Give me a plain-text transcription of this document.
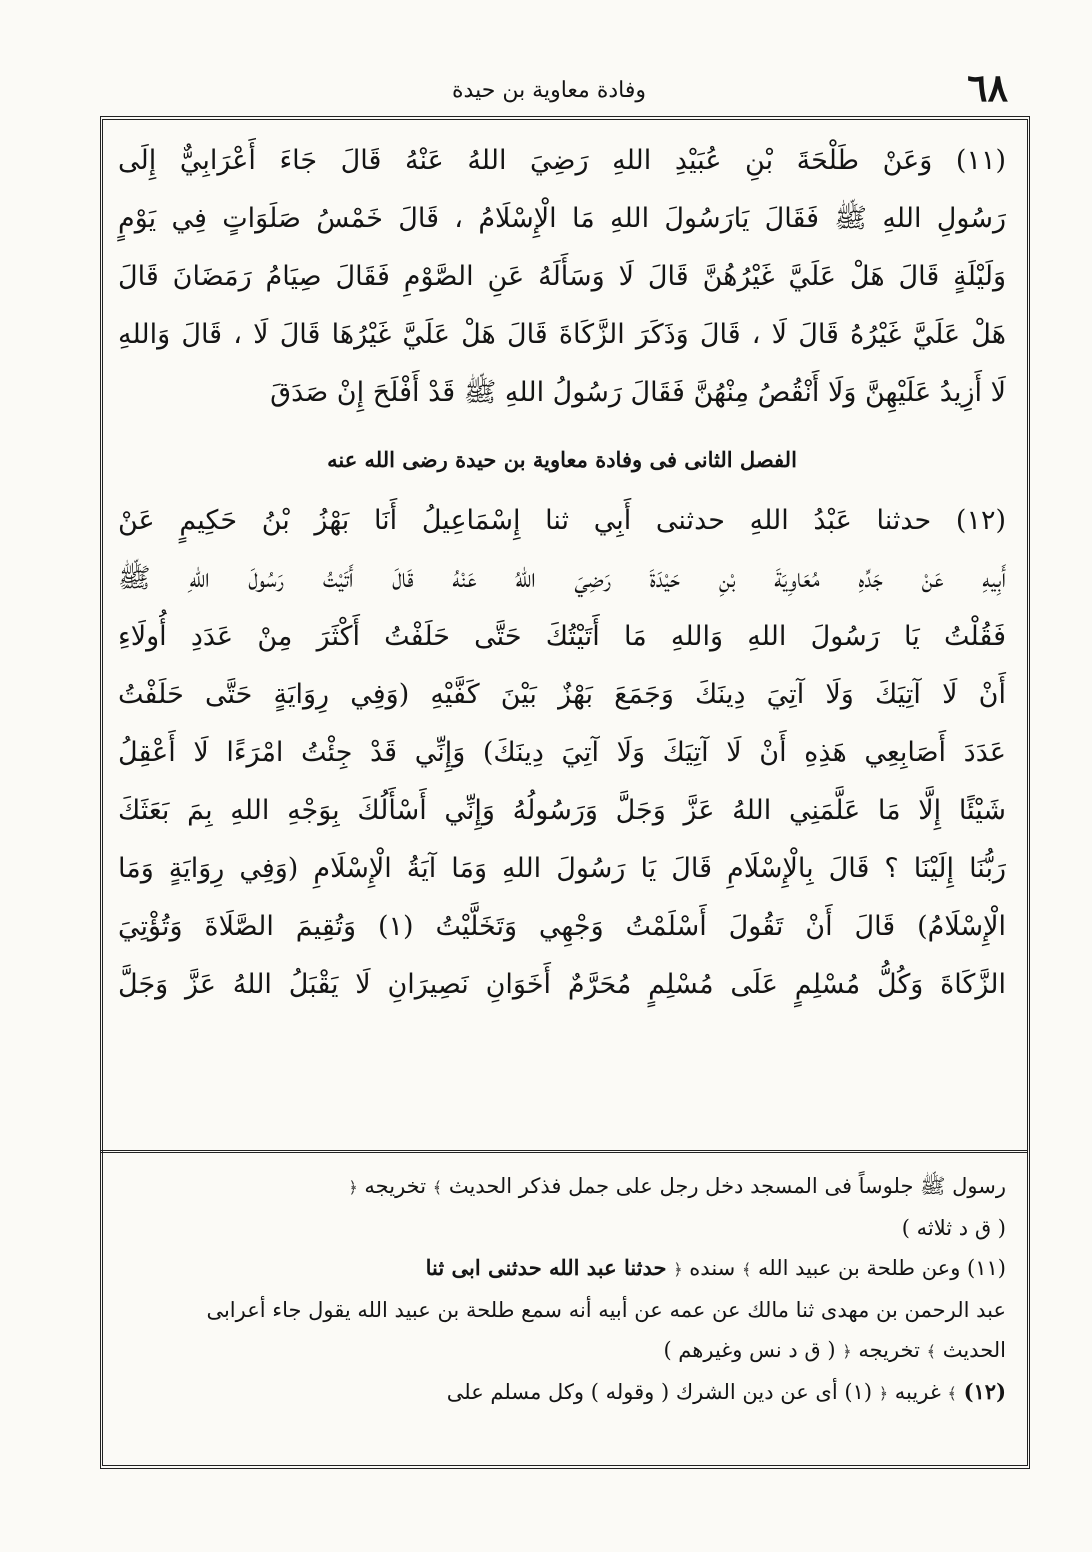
٦٨
وفادة معاوية بن حيدة

(١١) وَعَنْ طَلْحَةَ بْنِ عُبَيْدِ اللهِ رَضِيَ اللهُ عَنْهُ قَالَ جَاءَ أَعْرَابِيٌّ إِلَى

رَسُولِ اللهِ ﷺ فَقَالَ يَارَسُولَ اللهِ مَا الْإِسْلَامُ ، قَالَ خَمْسُ صَلَوَاتٍ فِي يَوْمٍ

وَلَيْلَةٍ قَالَ هَلْ عَلَيَّ غَيْرُهُنَّ قَالَ لَا وَسَأَلَهُ عَنِ الصَّوْمِ فَقَالَ صِيَامُ رَمَضَانَ قَالَ

هَلْ عَلَيَّ غَيْرُهُ قَالَ لَا ، قَالَ وَذَكَرَ الزَّكَاةَ قَالَ هَلْ عَلَيَّ غَيْرُهَا قَالَ لَا ، قَالَ وَاللهِ

لَا أَزِيدُ عَلَيْهِنَّ وَلَا أَنْقُصُ مِنْهُنَّ فَقَالَ رَسُولُ اللهِ ﷺ قَدْ أَفْلَحَ إِنْ صَدَقَ

الفصل الثانى فى وفادة معاوية بن حيدة رضى الله عنه

(١٢) حدثنا عَبْدُ اللهِ حدثنى أَبِي ثنا إِسْمَاعِيلُ أَنَا بَهْزُ بْنُ حَكِيمٍ عَنْ

أَبِيهِ عَنْ جَدِّهِ مُعَاوِيَةَ بْنِ حَيْدَةَ رَضِيَ اللهُ عَنْهُ قَالَ أَتَيْتُ رَسُولَ اللهِ ﷺ

فَقُلْتُ يَا رَسُولَ اللهِ وَاللهِ مَا أَتَيْتُكَ حَتَّى حَلَفْتُ أَكْثَرَ مِنْ عَدَدِ أُولَاءِ

أَنْ لَا آتِيَكَ وَلَا آتِيَ دِينَكَ وَجَمَعَ بَهْزٌ بَيْنَ كَفَّيْهِ (وَفِي رِوَايَةٍ حَتَّى حَلَفْتُ

عَدَدَ أَصَابِعِي هَذِهِ أَنْ لَا آتِيَكَ وَلَا آتِيَ دِينَكَ) وَإِنِّي قَدْ جِئْتُ امْرَءًا لَا أَعْقِلُ

شَيْئًا إِلَّا مَا عَلَّمَنِي اللهُ عَزَّ وَجَلَّ وَرَسُولُهُ وَإِنِّي أَسْأَلُكَ بِوَجْهِ اللهِ بِمَ بَعَثَكَ

رَبُّنَا إِلَيْنَا ؟ قَالَ بِالْإِسْلَامِ قَالَ يَا رَسُولَ اللهِ وَمَا آيَةُ الْإِسْلَامِ (وَفِي رِوَايَةٍ وَمَا

الْإِسْلَامُ) قَالَ أَنْ تَقُولَ أَسْلَمْتُ وَجْهِي وَتَخَلَّيْتُ (١) وَتُقِيمَ الصَّلَاةَ وَتُؤْتِيَ

الزَّكَاةَ وَكُلُّ مُسْلِمٍ عَلَى مُسْلِمٍ مُحَرَّمٌ أَخَوَانِ نَصِيرَانِ لَا يَقْبَلُ اللهُ عَزَّ وَجَلَّ

رسول ﷺ جلوساً فى المسجد دخل رجل على جمل فذكر الحديث ﴾ تخريجه ﴿

( ق د ثلاثه )

(١١) وعن طلحة بن عبيد الله ﴾ سنده ﴿ حدثنا عبد الله حدثنى ابى ثنا

عبد الرحمن بن مهدى ثنا مالك عن عمه عن أبيه أنه سمع طلحة بن عبيد الله يقول جاء أعرابى

الحديث ﴾ تخريجه ﴿ ( ق د نس وغيرهم )

(١٢) ﴾ غريبه ﴿ (١) أى عن دين الشرك ( وقوله ) وكل مسلم على
